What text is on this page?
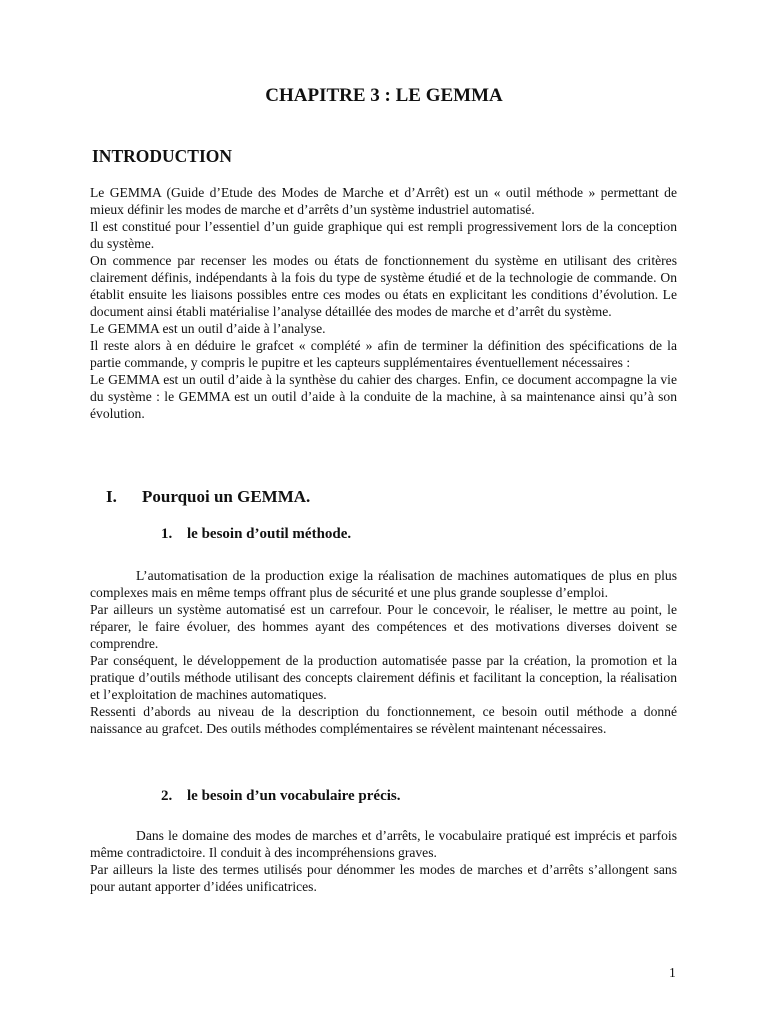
CHAPITRE 3 : LE GEMMA
INTRODUCTION

Le GEMMA (Guide d’Etude des Modes de Marche et d’Arrêt) est un « outil méthode » permettant de mieux définir les modes de marche et d’arrêts d’un système industriel automatisé.

Il est constitué pour l’essentiel d’un guide graphique qui est rempli progressivement lors de la conception du système.

On commence par recenser les modes ou états de fonctionnement du système en utilisant des critères clairement définis, indépendants à la fois du type de système étudié et de la technologie de commande. On établit ensuite les liaisons possibles entre ces modes ou états en explicitant les conditions d’évolution. Le document ainsi établi matérialise l’analyse détaillée des modes de marche et d’arrêt du système.

Le GEMMA est un outil d’aide à l’analyse.

Il reste alors à en déduire le grafcet « complété » afin de terminer la définition des spécifications de la partie commande, y compris le pupitre et les capteurs supplémentaires éventuellement nécessaires :

Le GEMMA est un outil d’aide à la synthèse du cahier des charges. Enfin, ce document accompagne la vie du système : le GEMMA est un outil d’aide à la conduite de la machine, à sa maintenance ainsi qu’à son évolution.

I. Pourquoi un GEMMA.
1. le besoin d’outil méthode.

L’automatisation de la production exige la réalisation de machines automatiques de plus en plus complexes mais en même temps offrant plus de sécurité et une plus grande souplesse d’emploi.

Par ailleurs un système automatisé est un carrefour. Pour le concevoir, le réaliser, le mettre au point, le réparer, le faire évoluer, des hommes ayant des compétences et des motivations diverses doivent se comprendre.

Par conséquent, le développement de la production automatisée passe par la création, la promotion et la pratique d’outils méthode utilisant des concepts clairement définis et facilitant la conception, la réalisation et l’exploitation de machines automatiques.

Ressenti d’abords au niveau de la description du fonctionnement, ce besoin outil méthode a donné naissance au grafcet. Des outils méthodes complémentaires se révèlent maintenant nécessaires.

2. le besoin d’un vocabulaire précis.

Dans le domaine des modes de marches et d’arrêts, le vocabulaire pratiqué est imprécis et parfois même contradictoire. Il conduit à des incompréhensions graves.

Par ailleurs la liste des termes utilisés pour dénommer les modes de marches et d’arrêts s’allongent sans pour autant apporter d’idées unificatrices.

1
